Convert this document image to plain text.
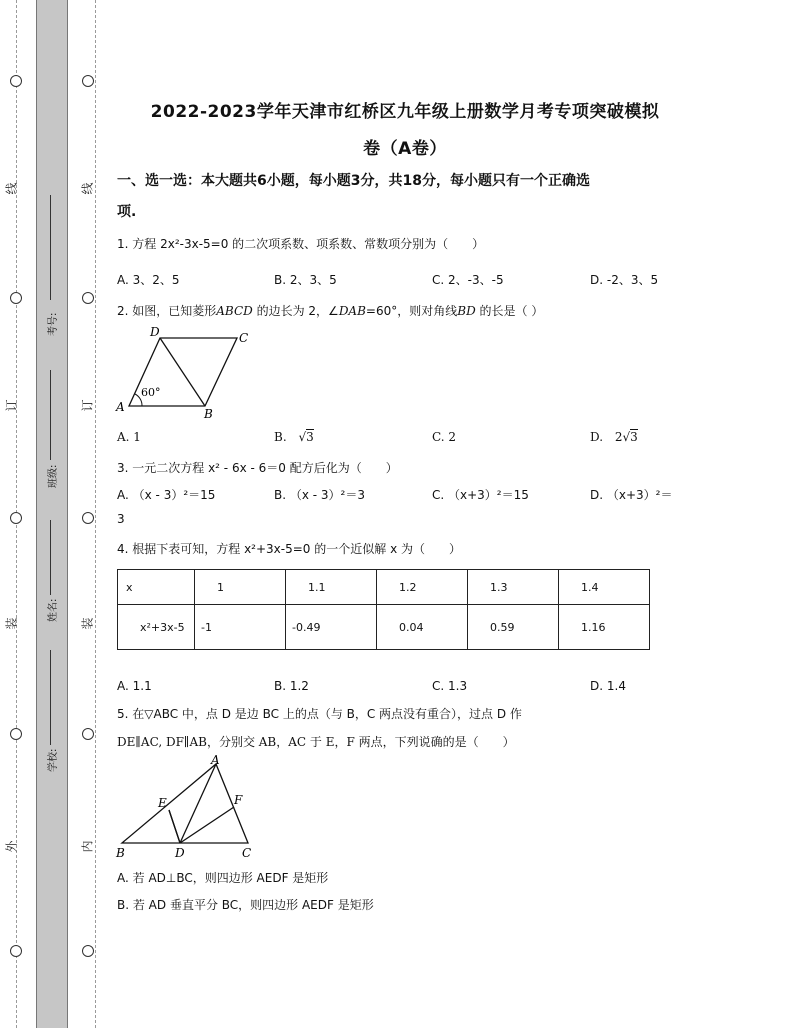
线
订
装
外
线
订
装
内
考号:
班级:
姓名:
学校:
2022-2023学年天津市红桥区九年级上册数学月考专项突破模拟
卷（A卷）
一、选一选：本大题共6小题，每小题3分，共18分，每小题只有一个正确选
项.
1. 方程 2x²-3x-5=0 的二次项系数、项系数、常数项分别为（　　）
A. 3、2、5	B. 2、3、5	C. 2、-3、-5	D. -2、3、5
2. 如图，已知菱形ABCD 的边长为 2，∠DAB=60°，则对角线BD 的长是（ ）
D	C
A	B
60°
A. 1	B. √3	C. 2	D. 2√3
3. 一元二次方程 x² - 6x - 6＝0 配方后化为（　　）
A. （x - 3）²＝15	B. （x - 3）²＝3	C. （x+3）²＝15	D. （x+3）²＝
3
4. 根据下表可知，方程 x²+3x-5=0 的一个近似解 x 为（　　）
x	1	1.1	1.2	1.3	1.4
x²+3x-5	-1	-0.49	0.04	0.59	1.16
A. 1.1	B. 1.2	C. 1.3	D. 1.4
5. 在▽ABC 中，点 D 是边 BC 上的点（与 B，C 两点没有重合），过点 D 作
DE∥AC, DF∥AB，分别交 AB，AC 于 E，F 两点，下列说确的是（　　）
A
E	F
B	D	C
A. 若 AD⊥BC，则四边形 AEDF 是矩形
B. 若 AD 垂直平分 BC，则四边形 AEDF 是矩形
